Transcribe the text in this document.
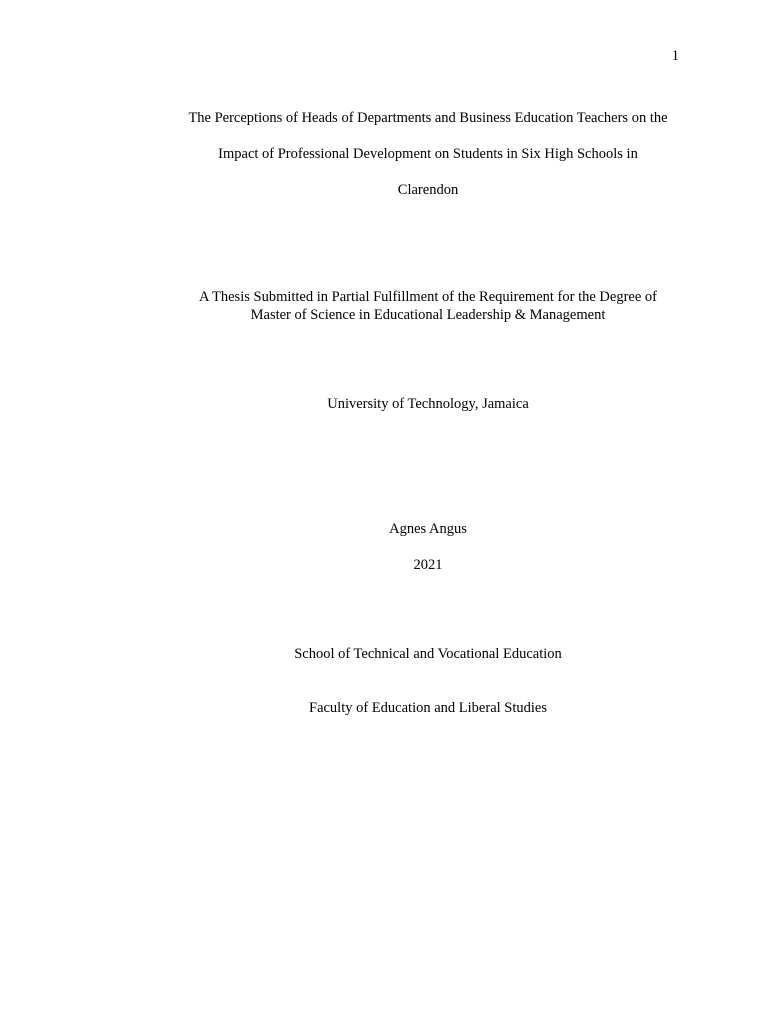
1
The Perceptions of Heads of Departments and Business Education Teachers on the
Impact of Professional Development on Students in Six High Schools in
Clarendon
A Thesis Submitted in Partial Fulfillment of the Requirement for the Degree of
Master of Science in Educational Leadership & Management
University of Technology, Jamaica
Agnes Angus
2021
School of Technical and Vocational Education
Faculty of Education and Liberal Studies
